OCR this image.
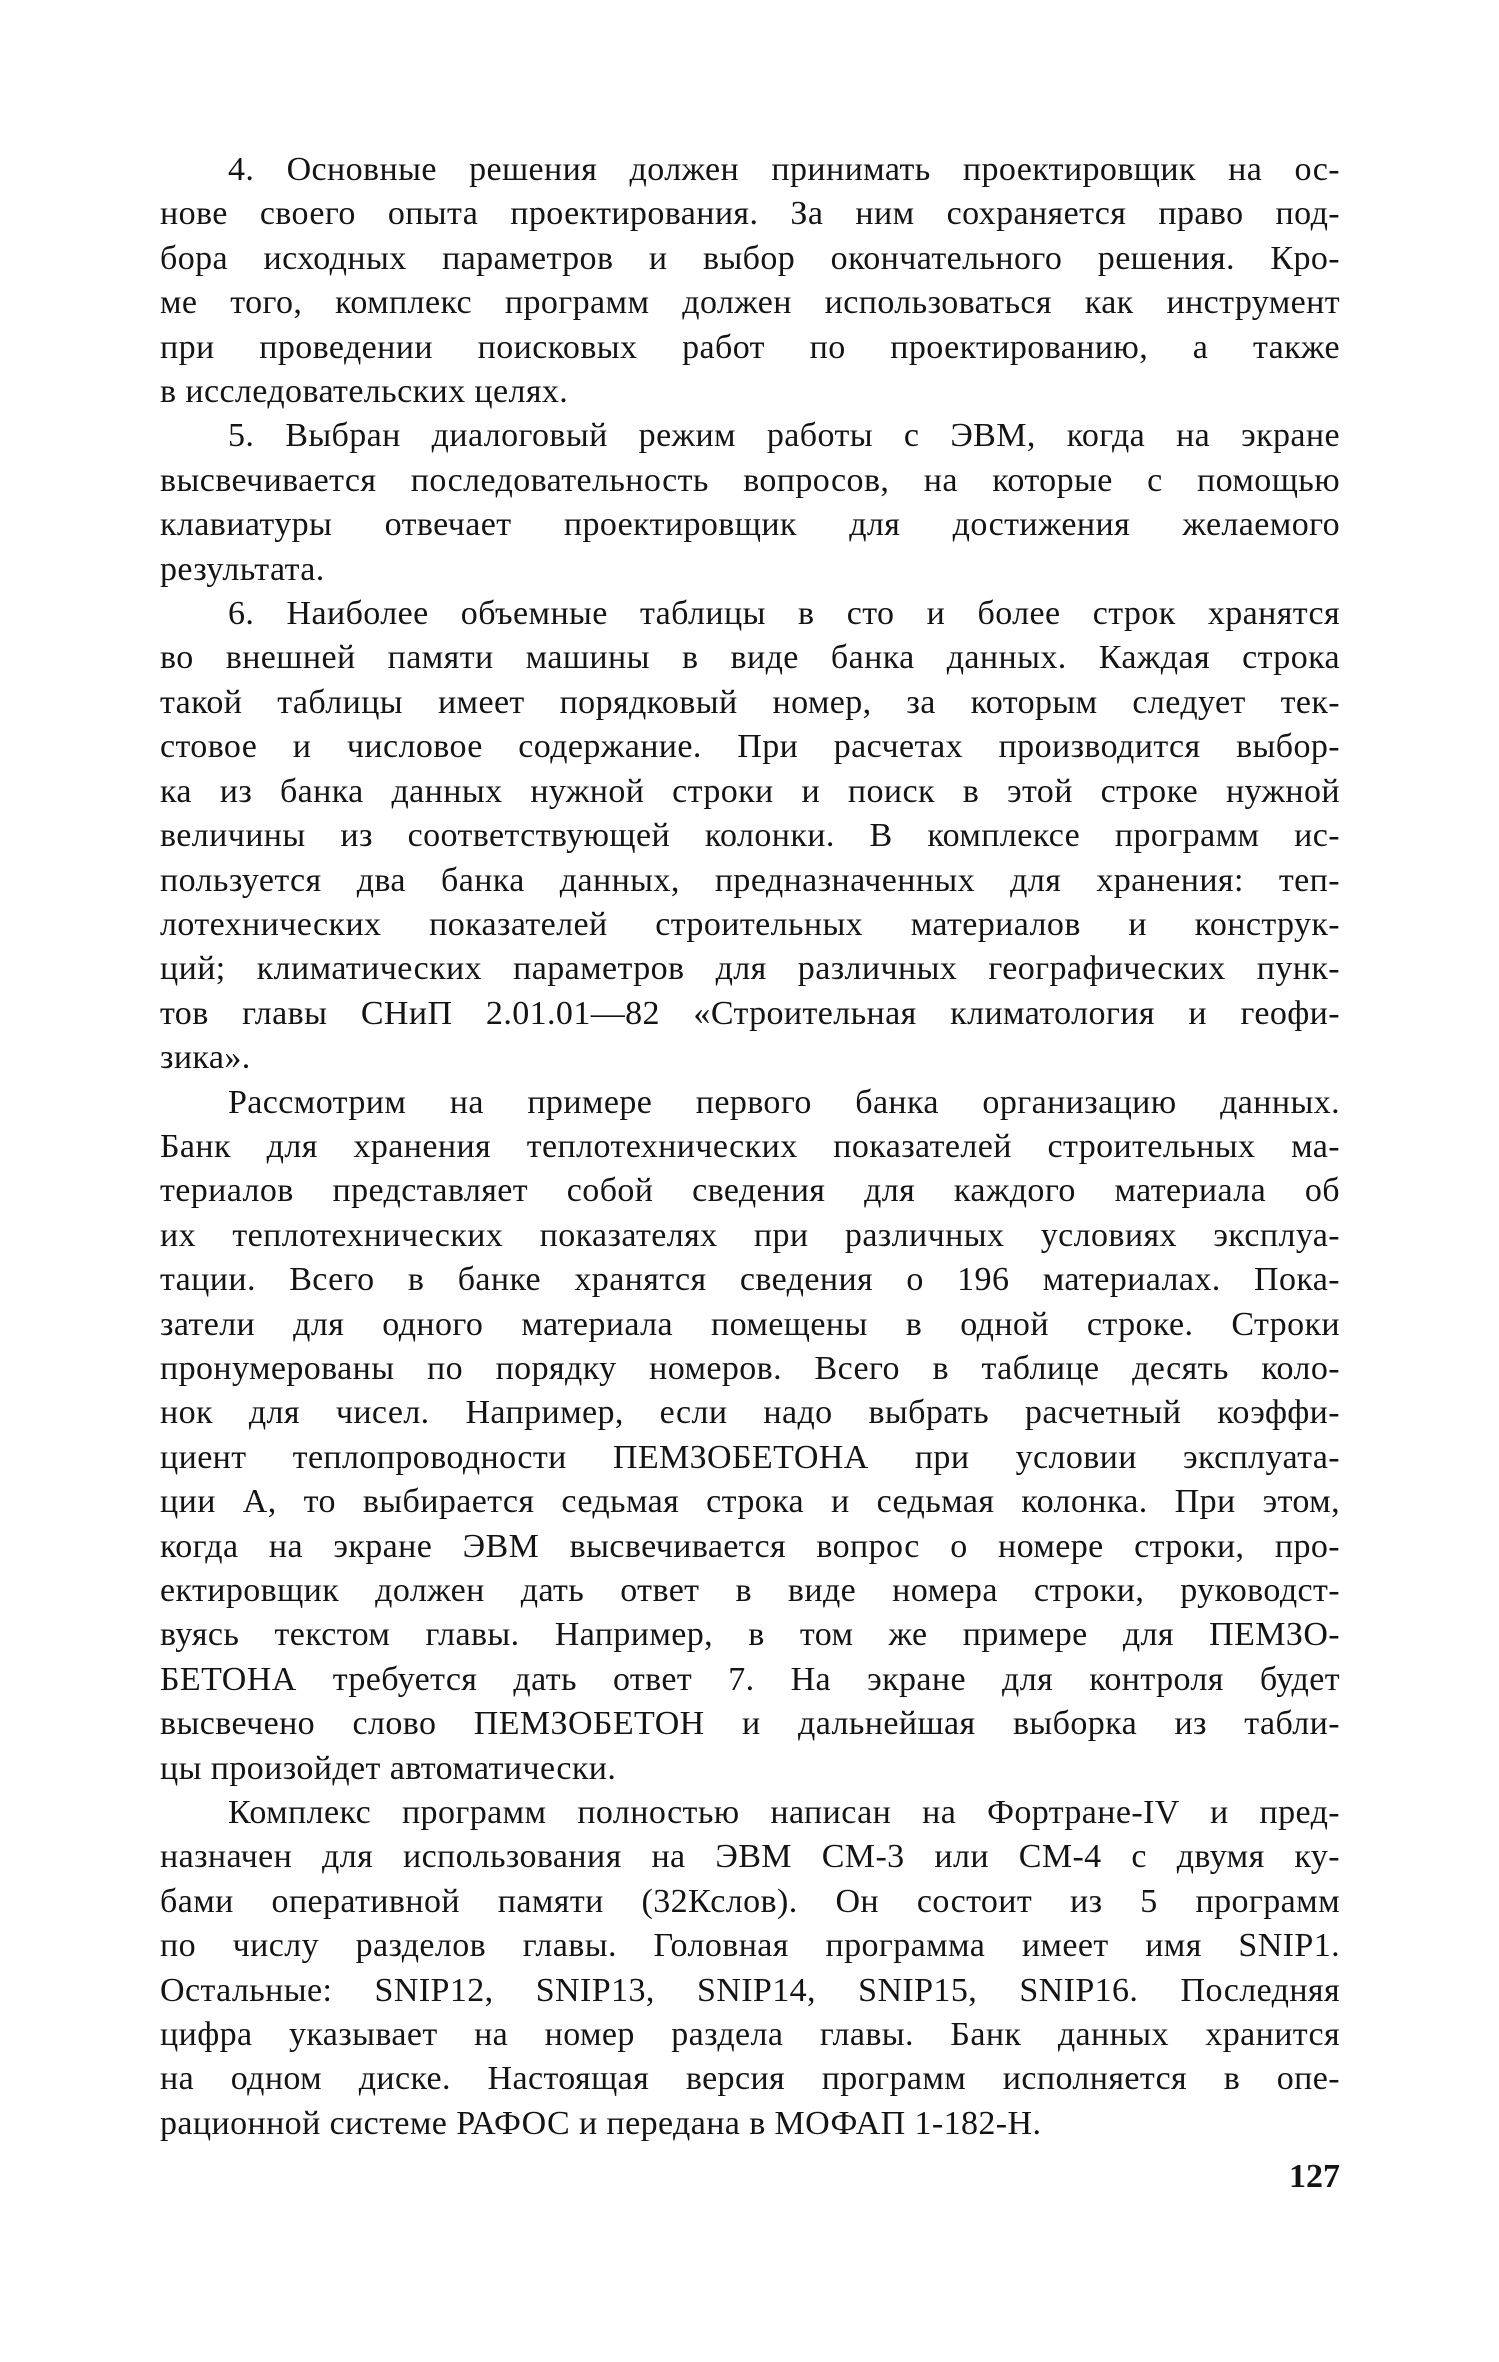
4. Основные решения должен принимать проектировщик на ос-
нове своего опыта проектирования. За ним сохраняется право под-
бора исходных параметров и выбор окончательного решения. Кро-
ме того, комплекс программ должен использоваться как инструмент
при проведении поисковых работ по проектированию, а также
в исследовательских целях.
5. Выбран диалоговый режим работы с ЭВМ, когда на экране
высвечивается последовательность вопросов, на которые с помощью
клавиатуры отвечает проектировщик для достижения желаемого
результата.
6. Наиболее объемные таблицы в сто и более строк хранятся
во внешней памяти машины в виде банка данных. Каждая строка
такой таблицы имеет порядковый номер, за которым следует тек-
стовое и числовое содержание. При расчетах производится выбор-
ка из банка данных нужной строки и поиск в этой строке нужной
величины из соответствующей колонки. В комплексе программ ис-
пользуется два банка данных, предназначенных для хранения: теп-
лотехнических показателей строительных материалов и конструк-
ций; климатических параметров для различных географических пунк-
тов главы СНиП 2.01.01—82 «Строительная климатология и геофи-
зика».
Рассмотрим на примере первого банка организацию данных.
Банк для хранения теплотехнических показателей строительных ма-
териалов представляет собой сведения для каждого материала об
их теплотехнических показателях при различных условиях эксплуа-
тации. Всего в банке хранятся сведения о 196 материалах. Пока-
затели для одного материала помещены в одной строке. Строки
пронумерованы по порядку номеров. Всего в таблице десять коло-
нок для чисел. Например, если надо выбрать расчетный коэффи-
циент теплопроводности ПЕМЗОБЕТОНА при условии эксплуата-
ции А, то выбирается седьмая строка и седьмая колонка. При этом,
когда на экране ЭВМ высвечивается вопрос о номере строки, про-
ектировщик должен дать ответ в виде номера строки, руководст-
вуясь текстом главы. Например, в том же примере для ПЕМЗО-
БЕТОНА требуется дать ответ 7. На экране для контроля будет
высвечено слово ПЕМЗОБЕТОН и дальнейшая выборка из табли-
цы произойдет автоматически.
Комплекс программ полностью написан на Фортране-IV и пред-
назначен для использования на ЭВМ СМ-3 или СМ-4 с двумя ку-
бами оперативной памяти (32Кслов). Он состоит из 5 программ
по числу разделов главы. Головная программа имеет имя SNIP1.
Остальные: SNIP12, SNIP13, SNIP14, SNIP15, SNIP16. Последняя
цифра указывает на номер раздела главы. Банк данных хранится
на одном диске. Настоящая версия программ исполняется в опе-
рационной системе РАФОС и передана в МОФАП 1-182-Н.
127
